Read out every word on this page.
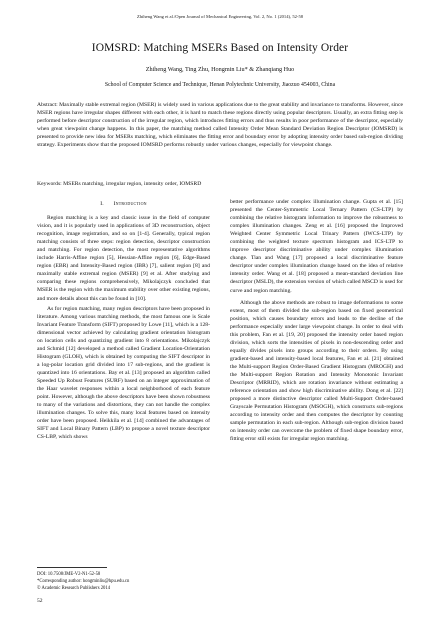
Zhiheng Wang et al./Open Journal of Mechanical Engineering, Vol. 2, No. 1 (2014), 52-58
IOMSRD: Matching MSERs Based on Intensity Order
Zhiheng Wang, Ting Zhu, Hongmin Liu* & Zhanqiang Huo
School of Computer Science and Technique, Henan Polytechnic University, Jiaozuo 454003, China
Abstract: Maximally stable extremal region (MSER) is widely used in various applications due to the great stability and invariance to transforms. However, since MSER regions have irregular shapes different with each other, it is hard to match these regions directly using popular descriptors. Usually, an extra fitting step is performed before descriptor construction of the irregular region, which introduces fitting errors and thus results in poor performance of the descriptor, especially when great viewpoint change happens. In this paper, the matching method called Intensity Order Mean Standard Deviation Region Descriptor (IOMSRD) is presented to provide new idea for MSERs matching, which eliminates the fitting error and boundary error by adopting intensity order based sub-region dividing strategy. Experiments show that the proposed IOMSRD performs robustly under various changes, especially for viewpoint change.
Keywords: MSERs matching, irregular region, intensity order, IOMSRD
I. Introduction

Region matching is a key and classic issue in the field of computer vision, and it is popularly used in applications of 3D reconstruction, object recognition, image registration, and so on [1-4]. Generally, typical region matching consists of three steps: region detection, descriptor construction and matching. For region detection, the most representative algorithms include Harris-Affine region [5], Hessian-Affine region [6], Edge-Based region (EBR) and Intensity-Based region (IBR) [7], salient region [8] and maximally stable extremal region (MSER) [9] et al. After studying and comparing these regions comprehensively, Mikolajczyk concluded that MSER is the region with the maximum stability over other existing regions, and more details about this can be found in [10].

As for region matching, many region descriptors have been proposed in literature. Among various matching methods, the most famous one is Scale Invariant Feature Transform (SIFT) proposed by Lowe [11], which is a 128-dimensional vector achieved by calculating gradient orientation histogram on location cells and quantizing gradient into 8 orientations. Mikolajczyk and Schmid [12] developed a method called Gradient Location-Orientation Histogram (GLOH), which is obtained by computing the SIFT descriptor in a log-polar location grid divided into 17 sub-regions, and the gradient is quantized into 16 orientations. Bay et al. [13] proposed an algorithm called Speeded Up Robust Features (SURF) based on an integer approximation of the Haar wavelet responses within a local neighborhood of each feature point. However, although the above descriptors have been shown robustness to many of the variations and distortions, they can not handle the complex illumination changes. To solve this, many local features based on intensity order have been proposed. Heikkila et al. [14] combined the advantages of SIFT and Local Binary Pattern (LBP) to propose a novel texture descriptor CS-LBP, which shows

better performance under complex illumination change. Gupta et al. [15] presented the Center-Symmetric Local Ternary Pattern (CS-LTP) by combining the relative histogram information to improve the robustness to complex illumination changes. Zeng et al. [16] proposed the Improved Weighted Center Symmetric Local Trinary Pattern (IWCS-LTP) by combining the weighted texture spectrum histogram and ICS-LTP to improve descriptor discriminative ability under complex illumination change. Tian and Wang [17] proposed a local discriminative feature descriptor under complex illumination change based on the idea of relative intensity order. Wang et al. [18] proposed a mean-standard deviation line descriptor (MSLD), the extension version of which called MSCD is used for curve and region matching.

Although the above methods are robust to image deformations to some extent, most of them divided the sub-region based on fixed geometrical position, which causes boundary errors and leads to the decline of the performance especially under large viewpoint change. In order to deal with this problem, Fan et al. [19, 20] proposed the intensity order based region division, which sorts the intensities of pixels in non-descending order and equally divides pixels into groups according to their orders. By using gradient-based and intensity-based local features, Fan et al. [21] obtained the Multi-support Region Order-Based Gradient Histogram (MROGH) and the Multi-support Region Rotation and Intensity Monotonic Invariant Descriptor (MRRID), which are rotation invariance without estimating a reference orientation and show high discriminative ability. Dong et al. [22] proposed a more distinctive descriptor called Multi-Support Order-based Grayscale Permutation Histogram (MSOGH), which constructs sub-regions according to intensity order and then computes the descriptor by counting sample permutation in each sub-region. Although sub-region division based on intensity order can overcome the problem of fixed shape boundary error, fitting error still exists for irregular region matching.

DOI: 10.7508/JME-V2-N1-52-58
*Corresponding author: hongminliu@hpu.edu.cn
© Academic Research Publishers 2014
52
